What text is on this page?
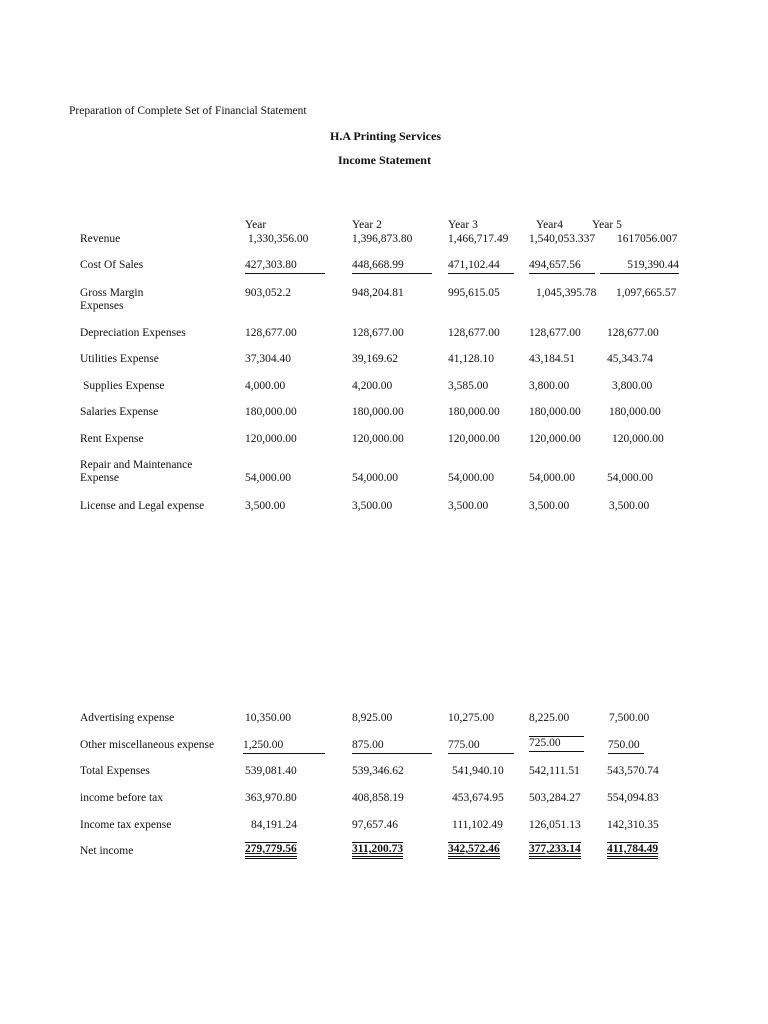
Preparation of Complete Set of Financial Statement
H.A Printing Services
Income Statement
Year	Year 2	Year 3	Year4	Year 5
Revenue	1,330,356.00	1,396,873.80	1,466,717.49 1,540,053.337 1617056.007
Cost Of Sales	427,303.80	448,668.99	471,102.44	494,657.56	519,390.44
Gross Margin
Expenses
903,052.2	948,204.81	995,615.05	1,045,395.78 1,097,665.57
Depreciation Expenses	128,677.00	128,677.00	128,677.00	128,677.00 128,677.00
Utilities Expense	37,304.40	39,169.62	41,128.10	43,184.51	45,343.74
Supplies Expense	4,000.00	4,200.00	3,585.00	3,800.00	3,800.00
Salaries Expense	180,000.00	180,000.00	180,000.00	180,000.00 180,000.00
Rent Expense	120,000.00	120,000.00	120,000.00	120,000.00	120,000.00
Repair and Maintenance
Expense	54,000.00	54,000.00	54,000.00	54,000.00	54,000.00
License and Legal expense	3,500.00	3,500.00	3,500.00	3,500.00	3,500.00
Advertising expense	10,350.00	8,925.00	10,275.00	8,225.00	7,500.00
Other miscellaneous expense	1,250.00	875.00	775.00	725.00	750.00
Total Expenses	539,081.40	539,346.62	541,940.10 542,111.51 543,570.74
income before tax	363,970.80	408,858.19	453,674.95 503,284.27 554,094.83
Income tax expense	84,191.24	97,657.46	111,102.49 126,051.13 142,310.35
Net income	279,779.56	311,200.73	342,572.46	377,233.14 411,784.49
